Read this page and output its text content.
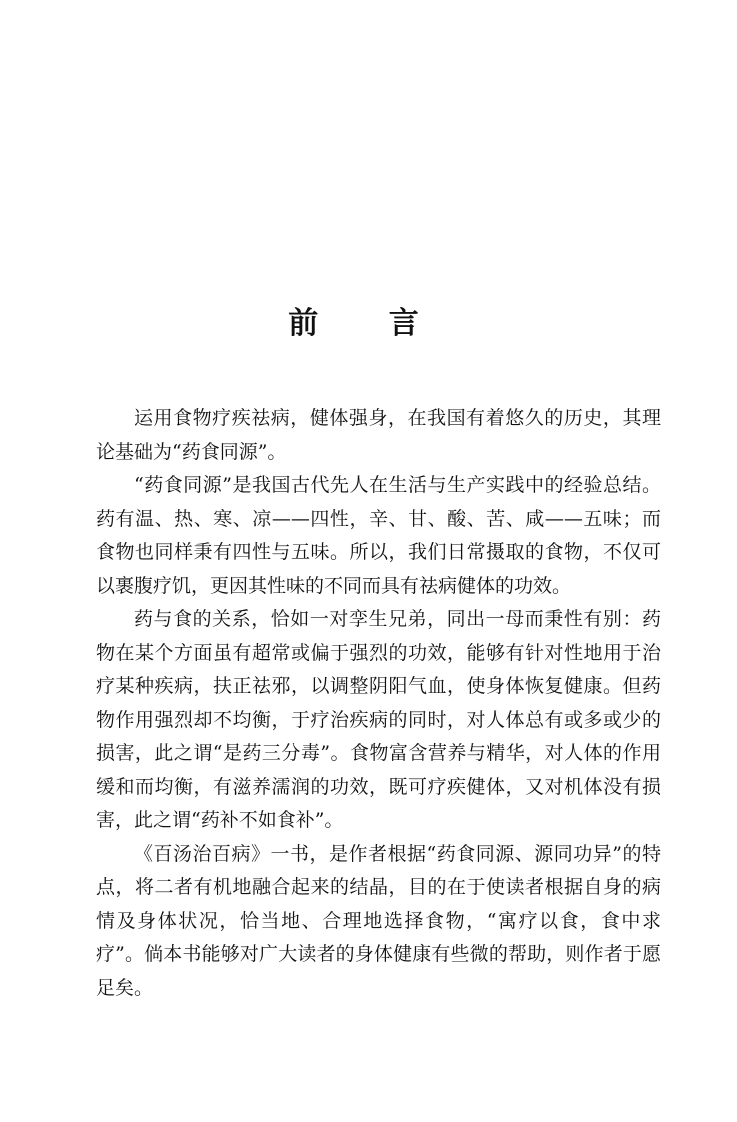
前 言

运用食物疗疾祛病，健体强身，在我国有着悠久的历史，其理论基础为“药食同源”。

“药食同源”是我国古代先人在生活与生产实践中的经验总结。药有温、热、寒、凉——四性，辛、甘、酸、苦、咸——五味；而食物也同样秉有四性与五味。所以，我们日常摄取的食物，不仅可以裹腹疗饥，更因其性味的不同而具有祛病健体的功效。

药与食的关系，恰如一对孪生兄弟，同出一母而秉性有别：药物在某个方面虽有超常或偏于强烈的功效，能够有针对性地用于治疗某种疾病，扶正祛邪，以调整阴阳气血，使身体恢复健康。但药物作用强烈却不均衡，于疗治疾病的同时，对人体总有或多或少的损害，此之谓“是药三分毒”。食物富含营养与精华，对人体的作用缓和而均衡，有滋养濡润的功效，既可疗疾健体，又对机体没有损害，此之谓“药补不如食补”。

《百汤治百病》一书，是作者根据“药食同源、源同功异”的特点，将二者有机地融合起来的结晶，目的在于使读者根据自身的病情及身体状况，恰当地、合理地选择食物，“寓疗以食，食中求疗”。倘本书能够对广大读者的身体健康有些微的帮助，则作者于愿足矣。
